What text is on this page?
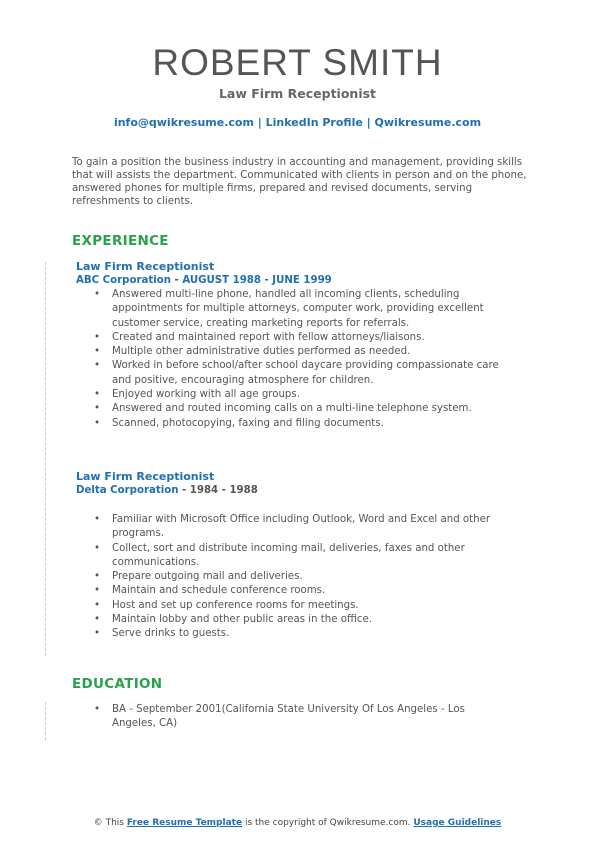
ROBERT SMITH
Law Firm Receptionist
info@qwikresume.com | LinkedIn Profile | Qwikresume.com

To gain a position the business industry in accounting and management, providing skills that will assists the department. Communicated with clients in person and on the phone, answered phones for multiple firms, prepared and revised documents, serving refreshments to clients.

EXPERIENCE
Law Firm Receptionist
ABC Corporation - AUGUST 1988 - JUNE 1999
• Answered multi-line phone, handled all incoming clients, scheduling appointments for multiple attorneys, computer work, providing excellent customer service, creating marketing reports for referrals.
• Created and maintained report with fellow attorneys/liaisons.
• Multiple other administrative duties performed as needed.
• Worked in before school/after school daycare providing compassionate care and positive, encouraging atmosphere for children.
• Enjoyed working with all age groups.
• Answered and routed incoming calls on a multi-line telephone system.
• Scanned, photocopying, faxing and filing documents.
Law Firm Receptionist
Delta Corporation - 1984 - 1988
• Familiar with Microsoft Office including Outlook, Word and Excel and other programs.
• Collect, sort and distribute incoming mail, deliveries, faxes and other communications.
• Prepare outgoing mail and deliveries.
• Maintain and schedule conference rooms.
• Host and set up conference rooms for meetings.
• Maintain lobby and other public areas in the office.
• Serve drinks to guests.
EDUCATION
• BA - September 2001(California State University Of Los Angeles - Los Angeles, CA)
© This Free Resume Template is the copyright of Qwikresume.com. Usage Guidelines
